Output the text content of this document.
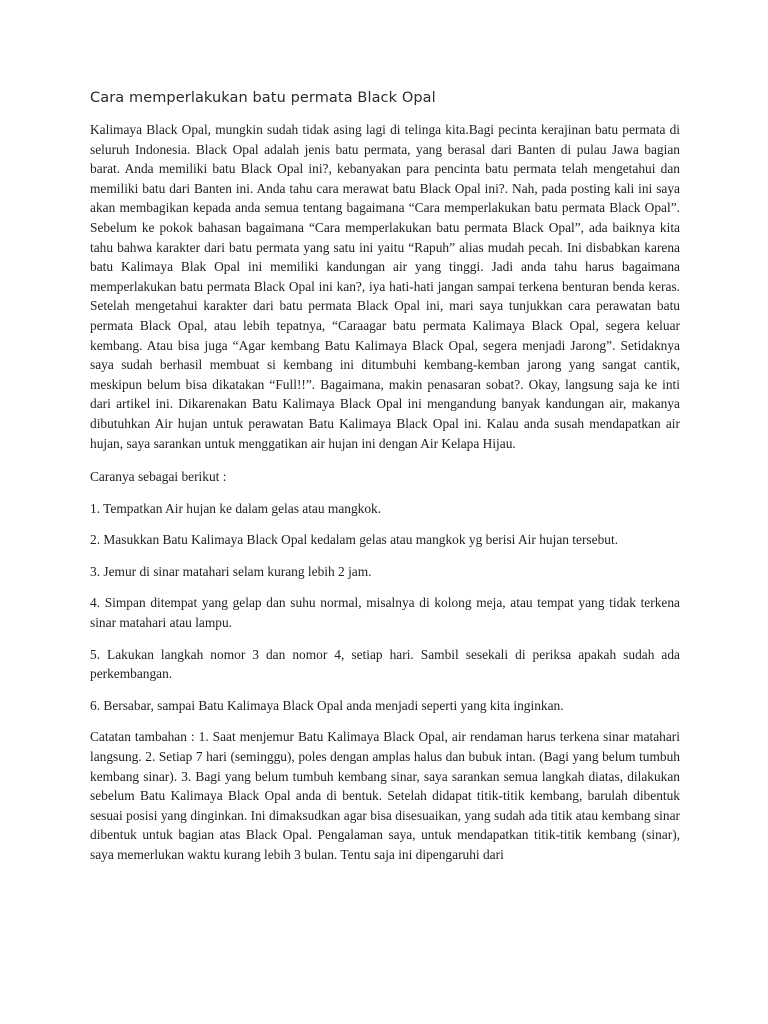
Cara memperlakukan batu permata Black Opal

Kalimaya Black Opal, mungkin sudah tidak asing lagi di telinga kita.Bagi pecinta kerajinan batu permata di seluruh Indonesia. Black Opal adalah jenis batu permata, yang berasal dari Banten di pulau Jawa bagian barat. Anda memiliki batu Black Opal ini?, kebanyakan para pencinta batu permata telah mengetahui dan memiliki batu dari Banten ini. Anda tahu cara merawat batu Black Opal ini?. Nah, pada posting kali ini saya akan membagikan kepada anda semua tentang bagaimana “Cara memperlakukan batu permata Black Opal”. Sebelum ke pokok bahasan bagaimana “Cara memperlakukan batu permata Black Opal”, ada baiknya kita tahu bahwa karakter dari batu permata yang satu ini yaitu “Rapuh” alias mudah pecah. Ini disbabkan karena batu Kalimaya Blak Opal ini memiliki kandungan air yang tinggi. Jadi anda tahu harus bagaimana memperlakukan batu permata Black Opal ini kan?, iya hati-hati jangan sampai terkena benturan benda keras. Setelah mengetahui karakter dari batu permata Black Opal ini, mari saya tunjukkan cara perawatan batu permata Black Opal, atau lebih tepatnya, “Caraagar batu permata Kalimaya Black Opal, segera keluar kembang. Atau bisa juga “Agar kembang Batu Kalimaya Black Opal, segera menjadi Jarong”. Setidaknya saya sudah berhasil membuat si kembang ini ditumbuhi kembang-kemban jarong yang sangat cantik, meskipun belum bisa dikatakan “Full!!”. Bagaimana, makin penasaran sobat?. Okay, langsung saja ke inti dari artikel ini. Dikarenakan Batu Kalimaya Black Opal ini mengandung banyak kandungan air, makanya dibutuhkan Air hujan untuk perawatan Batu Kalimaya Black Opal ini. Kalau anda susah mendapatkan air hujan, saya sarankan untuk menggatikan air hujan ini dengan Air Kelapa Hijau.

Caranya sebagai berikut :

1. Tempatkan Air hujan ke dalam gelas atau mangkok.
2. Masukkan Batu Kalimaya Black Opal kedalam gelas atau mangkok yg berisi Air hujan tersebut.
3. Jemur di sinar matahari selam kurang lebih 2 jam.
4. Simpan ditempat yang gelap dan suhu normal, misalnya di kolong meja, atau tempat yang tidak terkena sinar matahari atau lampu.
5. Lakukan langkah nomor 3 dan nomor 4, setiap hari. Sambil sesekali di periksa apakah sudah ada perkembangan.
6. Bersabar, sampai Batu Kalimaya Black Opal anda menjadi seperti yang kita inginkan.

Catatan tambahan : 1. Saat menjemur Batu Kalimaya Black Opal, air rendaman harus terkena sinar matahari langsung. 2. Setiap 7 hari (seminggu), poles dengan amplas halus dan bubuk intan. (Bagi yang belum tumbuh kembang sinar). 3. Bagi yang belum tumbuh kembang sinar, saya sarankan semua langkah diatas, dilakukan sebelum Batu Kalimaya Black Opal anda di bentuk. Setelah didapat titik-titik kembang, barulah dibentuk sesuai posisi yang dinginkan. Ini dimaksudkan agar bisa disesuaikan, yang sudah ada titik atau kembang sinar dibentuk untuk bagian atas Black Opal. Pengalaman saya, untuk mendapatkan titik-titik kembang (sinar), saya memerlukan waktu kurang lebih 3 bulan. Tentu saja ini dipengaruhi dari
